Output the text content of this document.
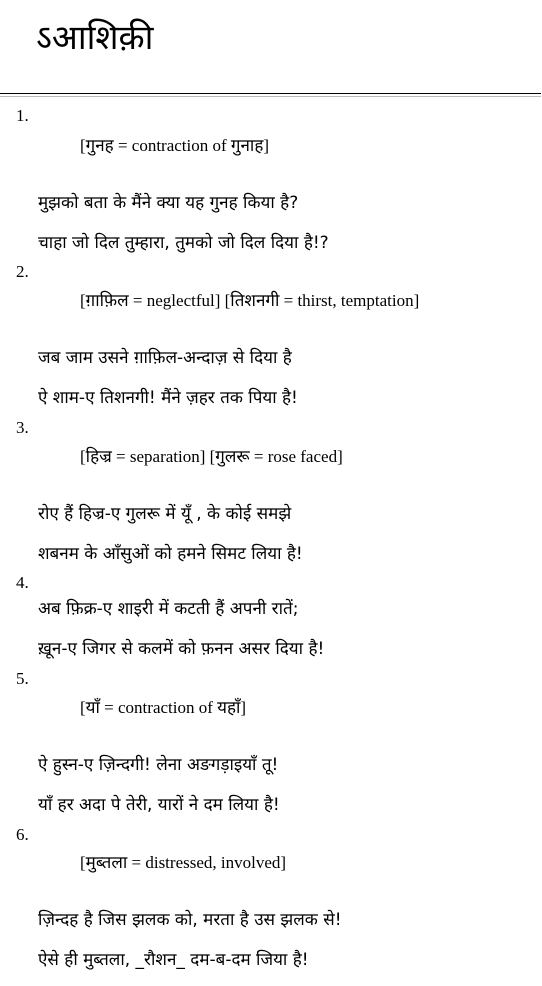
ऽआशिक़ी
1.
[गुनह = contraction of गुनाह]
मुझको बता के मैंने क्या यह गुनह किया है?
चाहा जो दिल तुम्हारा, तुमको जो दिल दिया है!?
2.
[ग़ाफ़िल = neglectful] [तिशनगी = thirst, temptation]
जब जाम उसने ग़ाफ़िल-अन्दाज़ से दिया है
ऐ शाम-ए तिशनगी! मैंने ज़हर तक पिया है!
3.
[हिज्र = separation] [गुलरू = rose faced]
रोए हैं हिज्र-ए गुलरू में यूँ , के कोई समझे
शबनम के आँसुओं को हमने सिमट लिया है!
4.
अब फ़िक्र-ए शाइरी में कटती हैं अपनी रातें;
ख़ून-ए जिगर से कलमें को फ़नन असर दिया है!
5.
[याँ = contraction of यहाँ]
ऐ हुस्न-ए ज़िन्दगी! लेना अङगड़ाइयाँ तू!
याँ हर अदा पे तेरी, यारों ने दम लिया है!
6.
[मुब्तला = distressed, involved]
ज़िन्दह है जिस झलक को, मरता है उस झलक से!
ऐसे ही मुब्तला, _रौशन_ दम-ब-दम जिया है!
